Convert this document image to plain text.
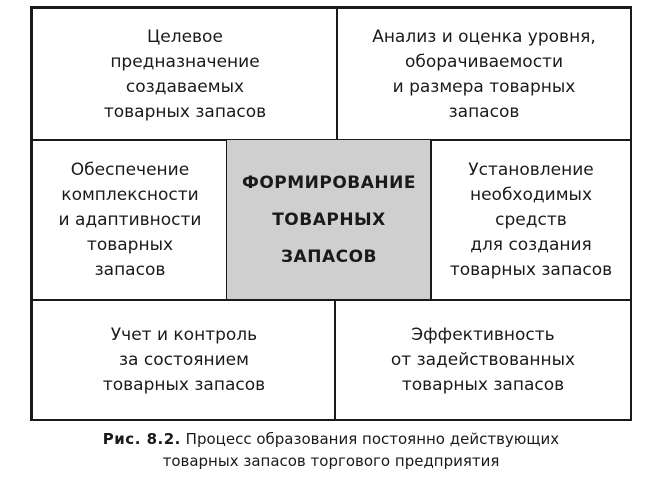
Целевое
предназначение
создаваемых
товарных запасов
Анализ и оценка уровня,
оборачиваемости
и размера товарных
запасов
Обеспечение
комплексности
и адаптивности
товарных
запасов
ФОРМИРОВАНИЕ
ТОВАРНЫХ
ЗАПАСОВ
Установление
необходимых
средств
для создания
товарных запасов
Учет и контроль
за состоянием
товарных запасов
Эффективность
от задействованных
товарных запасов
Рис. 8.2. Процесс образования постоянно действующих
товарных запасов торгового предприятия
